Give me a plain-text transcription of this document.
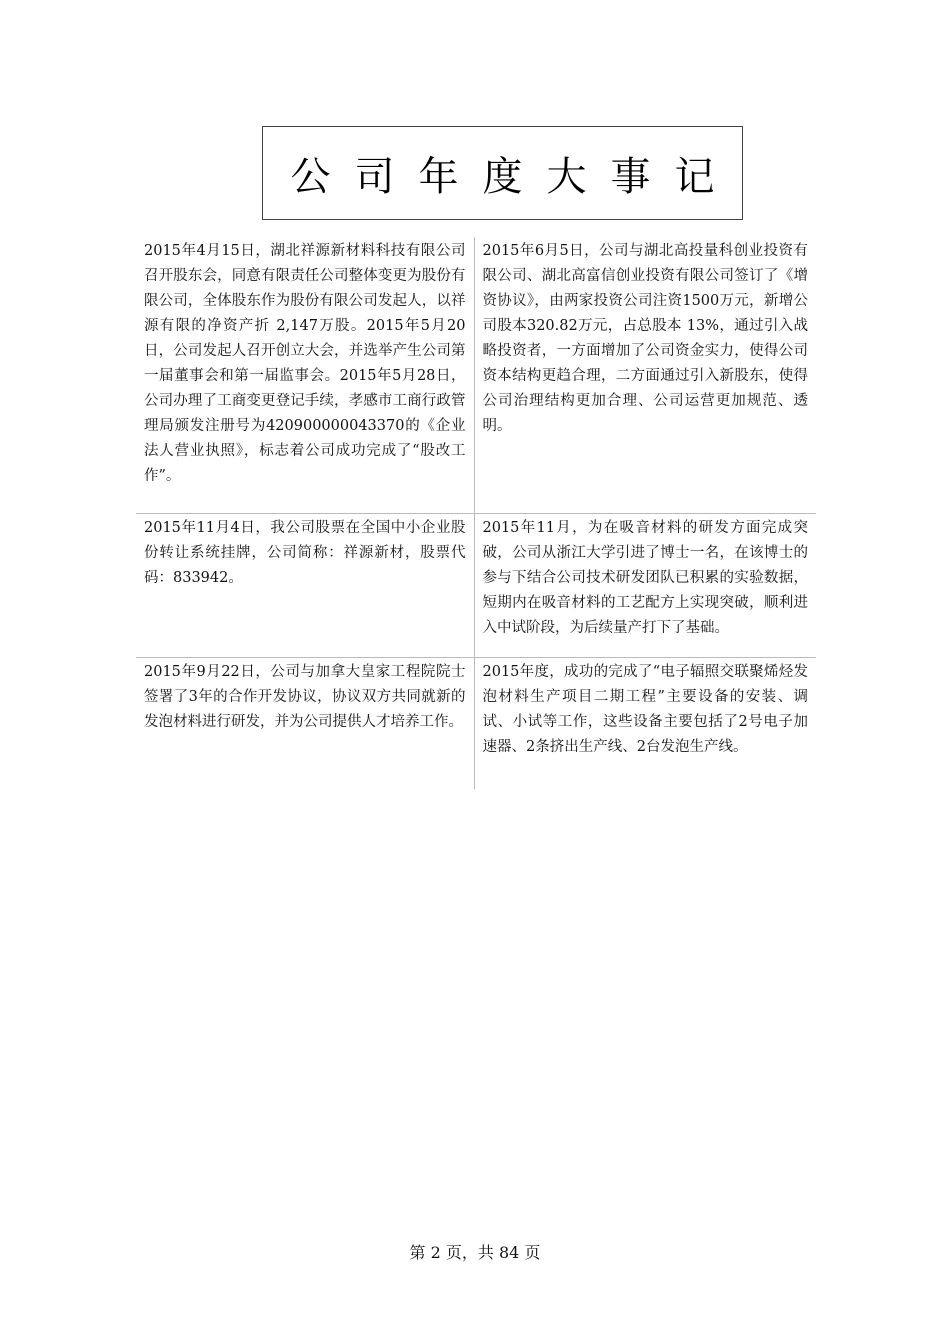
公司年度大事记
2015年4月15日，湖北祥源新材料科技有限公司召开股东会，同意有限责任公司整体变更为股份有限公司，全体股东作为股份有限公司发起人，以祥源有限的净资产折 2,147万股。2015年5月20日，公司发起人召开创立大会，并选举产生公司第一届董事会和第一届监事会。2015年5月28日，公司办理了工商变更登记手续，孝感市工商行政管理局颁发注册号为420900000043370的《企业法人营业执照》，标志着公司成功完成了“股改工作”。	2015年6月5日，公司与湖北高投量科创业投资有限公司、湖北高富信创业投资有限公司签订了《增资协议》，由两家投资公司注资1500万元，新增公司股本320.82万元，占总股本 13%，通过引入战略投资者，一方面增加了公司资金实力，使得公司资本结构更趋合理，二方面通过引入新股东，使得公司治理结构更加合理、公司运营更加规范、透明。
2015年11月4日，我公司股票在全国中小企业股份转让系统挂牌，公司简称：祥源新材，股票代码：833942。	2015年11月，为在吸音材料的研发方面完成突破，公司从浙江大学引进了博士一名，在该博士的参与下结合公司技术研发团队已积累的实验数据，短期内在吸音材料的工艺配方上实现突破，顺利进入中试阶段，为后续量产打下了基础。
2015年9月22日，公司与加拿大皇家工程院院士签署了3年的合作开发协议，协议双方共同就新的发泡材料进行研发，并为公司提供人才培养工作。	2015年度，成功的完成了“电子辐照交联聚烯烃发泡材料生产项目二期工程”主要设备的安装、调试、小试等工作，这些设备主要包括了2号电子加速器、2条挤出生产线、2台发泡生产线。
第 2 页，共 84 页
